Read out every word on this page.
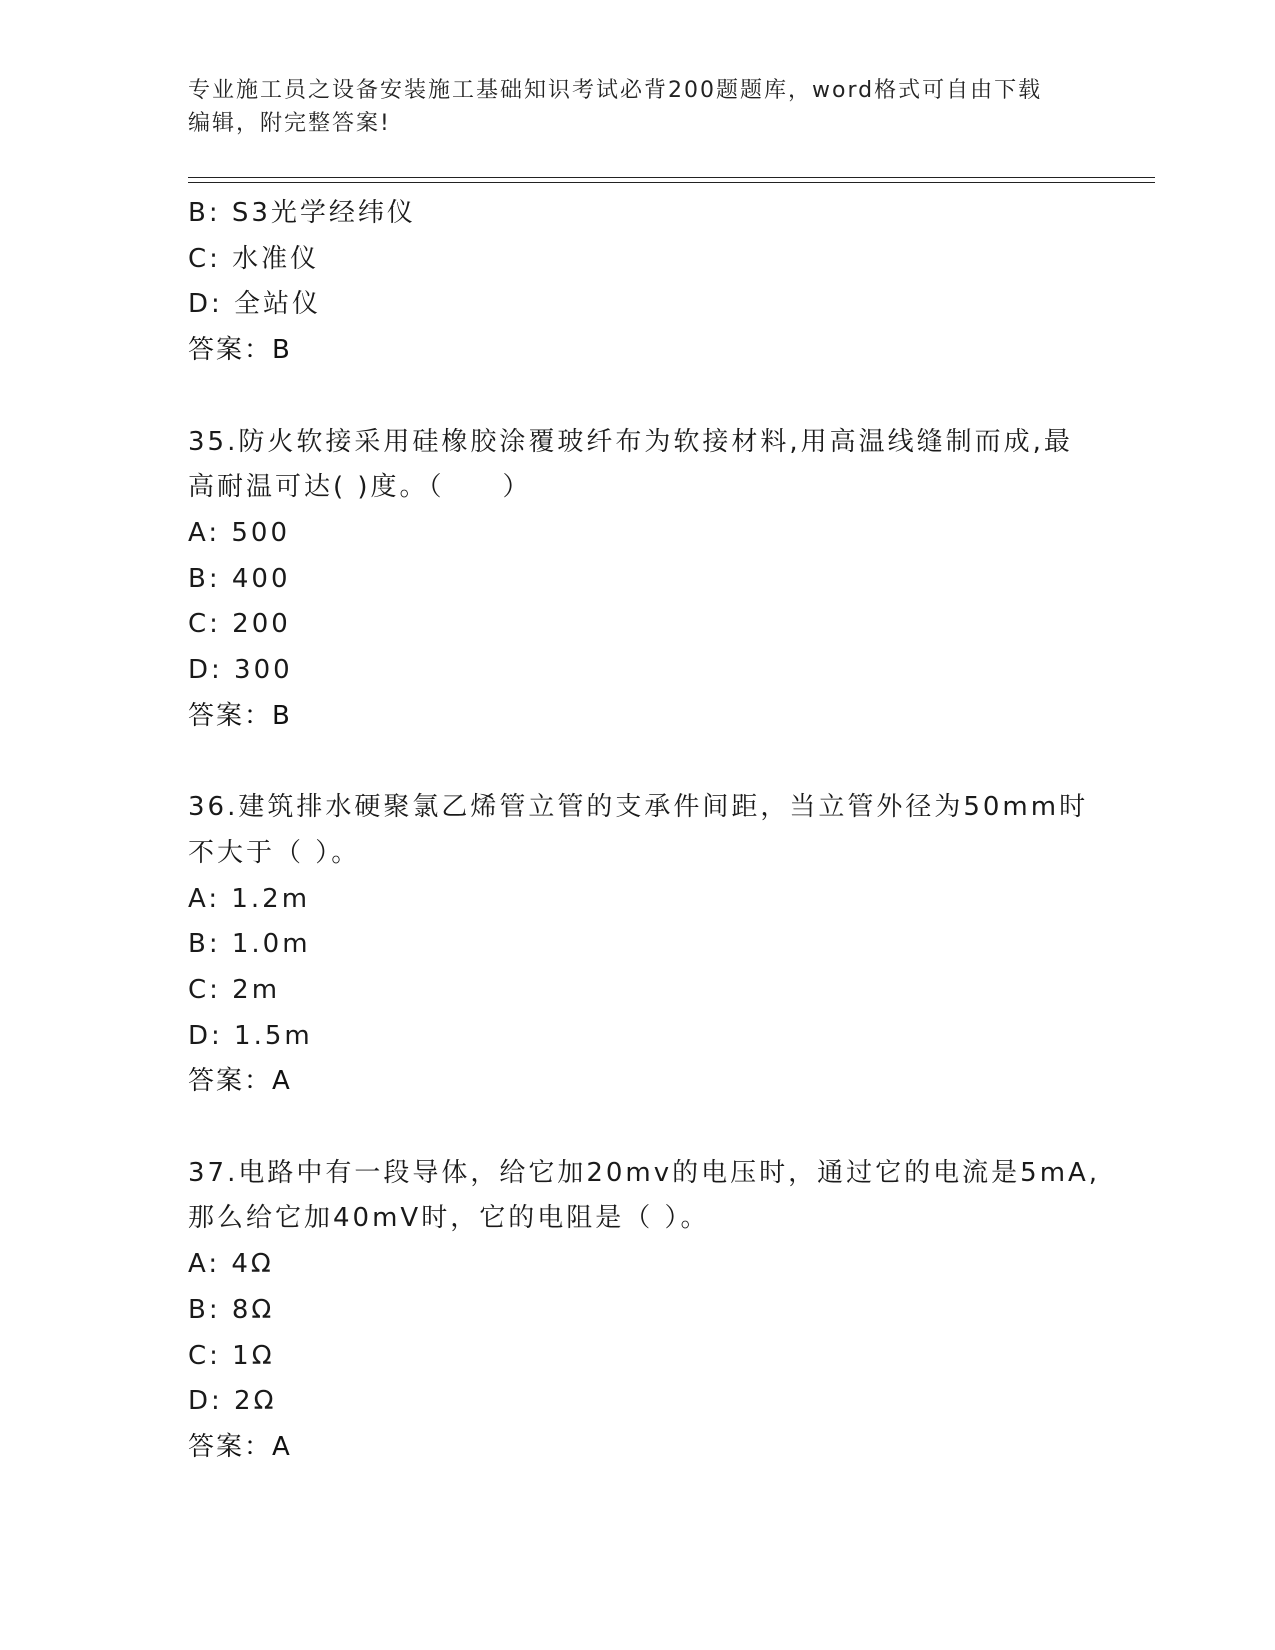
专业施工员之设备安装施工基础知识考试必背200题题库，word格式可自由下载
编辑，附完整答案!
B: S3光学经纬仪
C: 水准仪
D: 全站仪
答案：B
35.防火软接采用硅橡胶涂覆玻纤布为软接材料,用高温线缝制而成,最
高耐温可达( )度。（　　）
A: 500
B: 400
C: 200
D: 300
答案：B
36.建筑排水硬聚氯乙烯管立管的支承件间距，当立管外径为50mm时
不大于（ ）。
A: 1.2m
B: 1.0m
C: 2m
D: 1.5m
答案：A
37.电路中有一段导体，给它加20mv的电压时，通过它的电流是5mA,
那么给它加40mV时，它的电阻是（ ）。
A: 4Ω
B: 8Ω
C: 1Ω
D: 2Ω
答案：A
